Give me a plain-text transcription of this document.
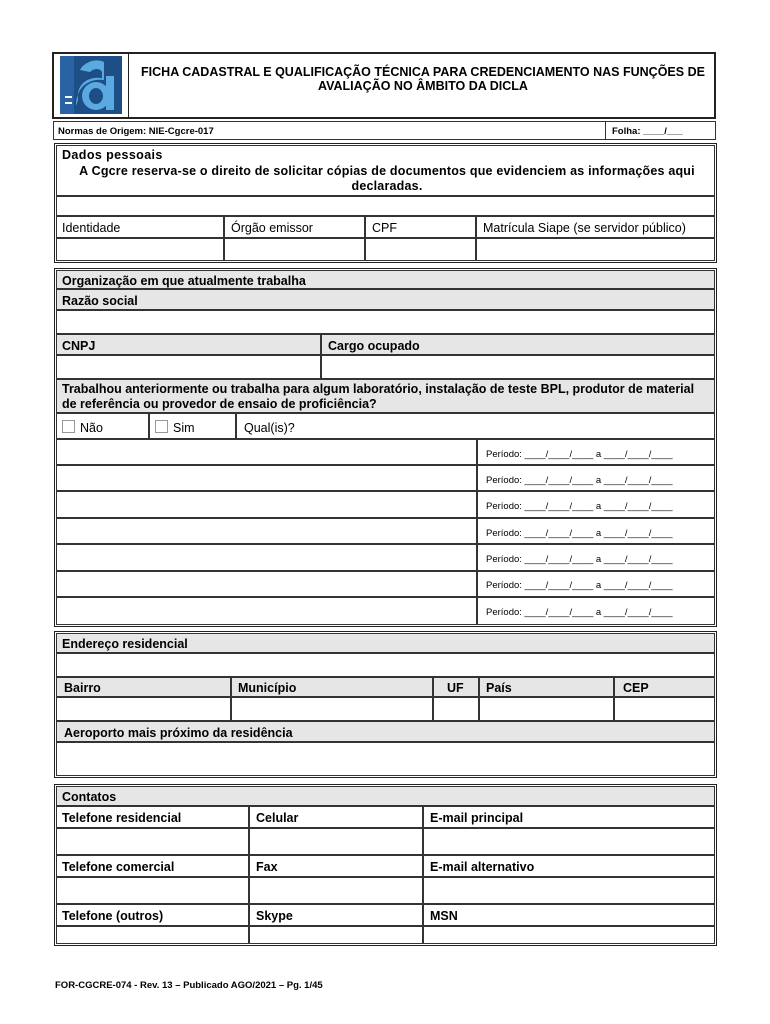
FICHA CADASTRAL E QUALIFICAÇÃO TÉCNICA PARA CREDENCIAMENTO NAS FUNÇÕES DE AVALIAÇÃO NO ÂMBITO DA DICLA
Normas de Origem: NIE-Cgcre-017	Folha: ____/___
Dados pessoais
A Cgcre reserva-se o direito de solicitar cópias de documentos que evidenciem as informações aqui declaradas.
Identidade	Órgão emissor	CPF	Matrícula Siape (se servidor público)
Organização em que atualmente trabalha
Razão social
CNPJ	Cargo ocupado
Trabalhou anteriormente ou trabalha para algum laboratório, instalação de teste BPL, produtor de material de referência ou provedor de ensaio de proficiência?
Não	Sim	Qual(is)?
Período: ____/____/____ a ____/____/____
Período: ____/____/____ a ____/____/____
Período: ____/____/____ a ____/____/____
Período: ____/____/____ a ____/____/____
Período: ____/____/____ a ____/____/____
Período: ____/____/____ a ____/____/____
Período: ____/____/____ a ____/____/____
Endereço residencial
Bairro	Município	UF País	CEP
Aeroporto mais próximo da residência
Contatos
Telefone residencial	Celular	E-mail principal
Telefone comercial	Fax	E-mail alternativo
Telefone (outros)	Skype	MSN
FOR-CGCRE-074 - Rev. 13 – Publicado AGO/2021 – Pg. 1/45
